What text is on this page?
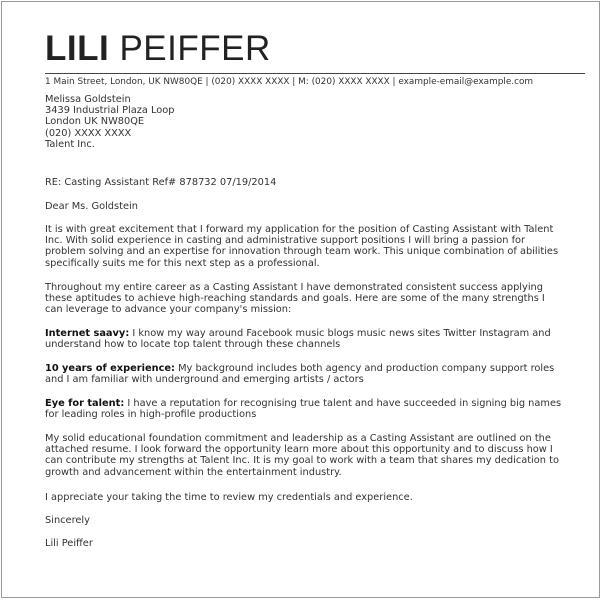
LILI PEIFFER
1 Main Street, London, UK NW80QE | (020) XXXX XXXX | M: (020) XXXX XXXX | example-email@example.com

Melissa Goldstein

3439 Industrial Plaza Loop

London UK NW80QE

(020) XXXX XXXX

Talent Inc.

RE: Casting Assistant Ref# 878732 07/19/2014

Dear Ms. Goldstein

It is with great excitement that I forward my application for the position of Casting Assistant with Talent Inc. With solid experience in casting and administrative support positions I will bring a passion for problem solving and an expertise for innovation through team work. This unique combination of abilities specifically suits me for this next step as a professional.

Throughout my entire career as a Casting Assistant I have demonstrated consistent success applying these aptitudes to achieve high-reaching standards and goals. Here are some of the many strengths I can leverage to advance your company's mission:

Internet saavy: I know my way around Facebook music blogs music news sites Twitter Instagram and understand how to locate top talent through these channels

10 years of experience: My background includes both agency and production company support roles and I am familiar with underground and emerging artists / actors

Eye for talent: I have a reputation for recognising true talent and have succeeded in signing big names for leading roles in high-profile productions

My solid educational foundation commitment and leadership as a Casting Assistant are outlined on the attached resume. I look forward the opportunity learn more about this opportunity and to discuss how I can contribute my strengths at Talent Inc. It is my goal to work with a team that shares my dedication to growth and advancement within the entertainment industry.

I appreciate your taking the time to review my credentials and experience.

Sincerely

Lili Peiffer
